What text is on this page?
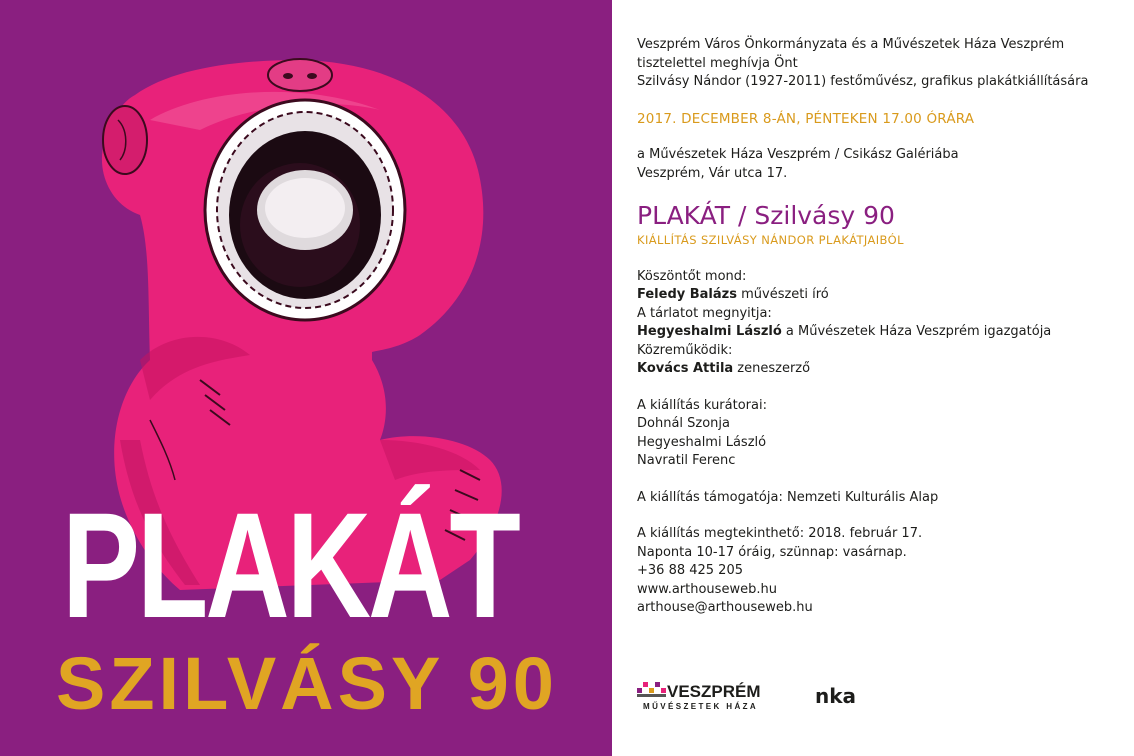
PLAKÁT
SZILVÁSY 90

Veszprém Város Önkormányzata és a Művészetek Háza Veszprém

tisztelettel meghívja Önt

Szilvásy Nándor (1927-2011) festőművész, grafikus plakátkiállítására

2017. DECEMBER 8-ÁN, PÉNTEKEN 17.00 ÓRÁRA

a Művészetek Háza Veszprém / Csikász Galériába

Veszprém, Vár utca 17.

PLAKÁT / Szilvásy 90

KIÁLLÍTÁS SZILVÁSY NÁNDOR PLAKÁTJAIBÓL

Köszöntőt mond:

Feledy Balázs művészeti író

A tárlatot megnyitja:

Hegyeshalmi László a Művészetek Háza Veszprém igazgatója

Közreműködik:

Kovács Attila zeneszerző

A kiállítás kurátorai:

Dohnál Szonja

Hegyeshalmi László

Navratil Ferenc

A kiállítás támogatója: Nemzeti Kulturális Alap

A kiállítás megtekinthető: 2018. február 17.

Naponta 10-17 óráig, szünnap: vasárnap.

+36 88 425 205

www.arthouseweb.hu

arthouse@arthouseweb.hu

VESZPRÉM
MŰVÉSZETEK HÁZA	nka
